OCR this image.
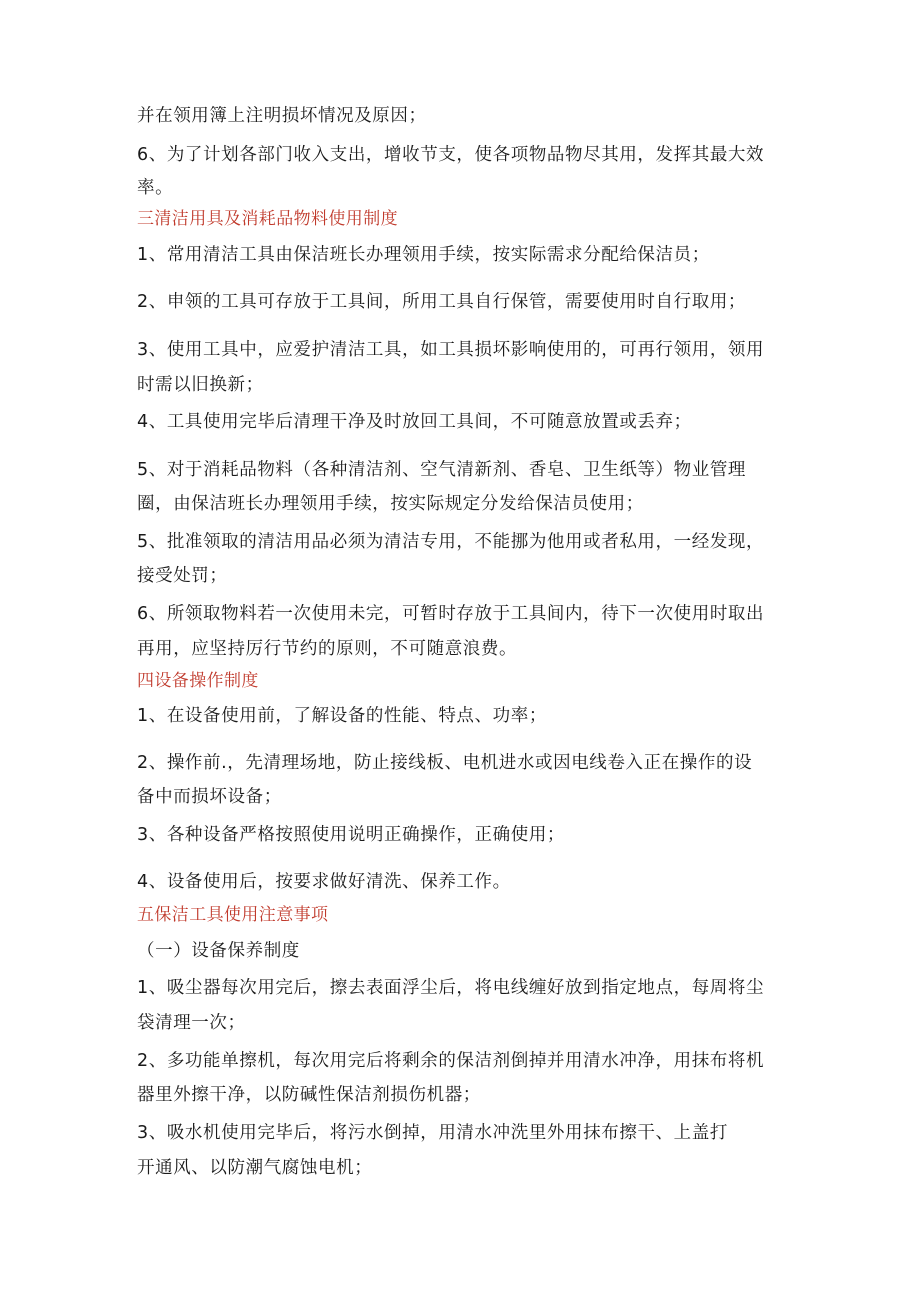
并在领用簿上注明损坏情况及原因；
6、为了计划各部门收入支出，增收节支，使各项物品物尽其用，发挥其最大效
率。
三清洁用具及消耗品物料使用制度
1、常用清洁工具由保洁班长办理领用手续，按实际需求分配给保洁员；
2、申领的工具可存放于工具间，所用工具自行保管，需要使用时自行取用；
3、使用工具中，应爱护清洁工具，如工具损坏影响使用的，可再行领用，领用
时需以旧换新；
4、工具使用完毕后清理干净及时放回工具间，不可随意放置或丢弃；
5、对于消耗品物料（各种清洁剂、空气清新剂、香皂、卫生纸等）物业管理
圈，由保洁班长办理领用手续，按实际规定分发给保洁员使用；
5、批准领取的清洁用品必须为清洁专用，不能挪为他用或者私用，一经发现，
接受处罚；
6、所领取物料若一次使用未完，可暂时存放于工具间内，待下一次使用时取出
再用，应坚持厉行节约的原则，不可随意浪费。
四设备操作制度
1、在设备使用前，了解设备的性能、特点、功率；
2、操作前.，先清理场地，防止接线板、电机进水或因电线卷入正在操作的设
备中而损坏设备；
3、各种设备严格按照使用说明正确操作，正确使用；
4、设备使用后，按要求做好清洗、保养工作。
五保洁工具使用注意事项
（一）设备保养制度
1、吸尘器每次用完后，擦去表面浮尘后，将电线缠好放到指定地点，每周将尘
袋清理一次；
2、多功能单擦机，每次用完后将剩余的保洁剂倒掉并用清水冲净，用抹布将机
器里外擦干净，以防碱性保洁剂损伤机器；
3、吸水机使用完毕后，将污水倒掉，用清水冲洗里外用抹布擦干、上盖打
开通风、以防潮气腐蚀电机；
